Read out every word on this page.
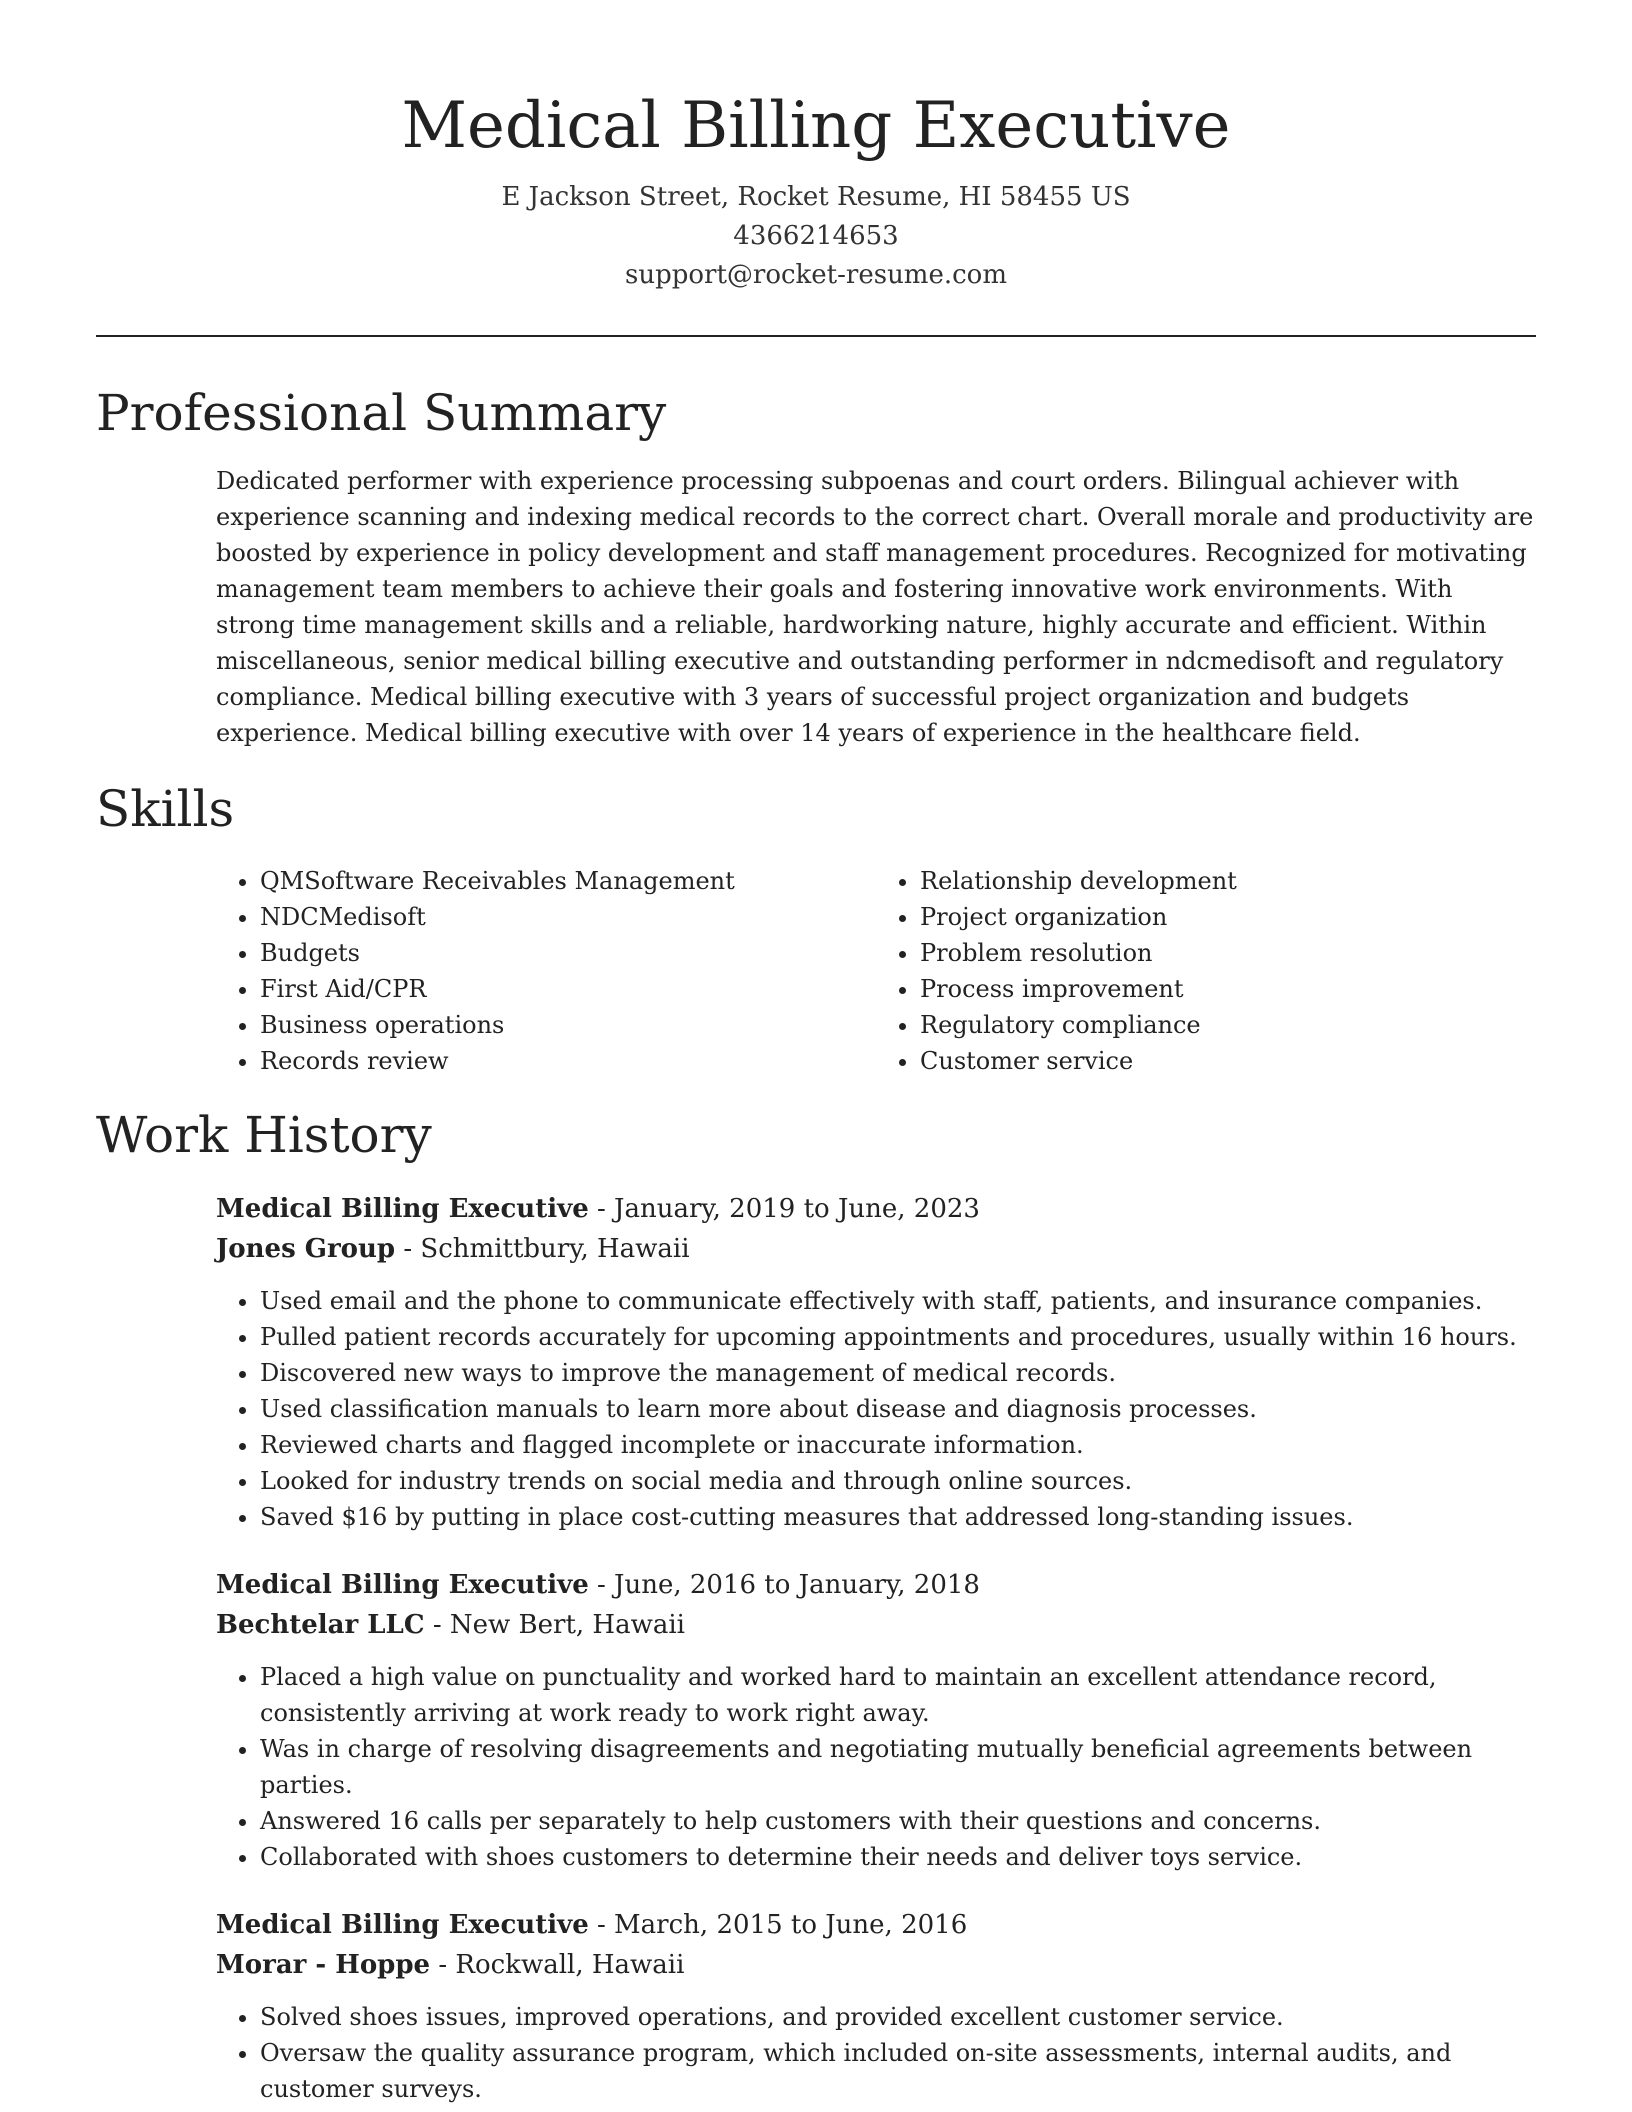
Medical Billing Executive
E Jackson Street, Rocket Resume, HI 58455 US
4366214653
support@rocket-resume.com
Professional Summary
Dedicated performer with experience processing subpoenas and court orders. Bilingual achiever with experience scanning and indexing medical records to the correct chart. Overall morale and productivity are boosted by experience in policy development and staff management procedures. Recognized for motivating management team members to achieve their goals and fostering innovative work environments. With strong time management skills and a reliable, hardworking nature, highly accurate and efficient. Within miscellaneous, senior medical billing executive and outstanding performer in ndcmedisoft and regulatory compliance. Medical billing executive with 3 years of successful project organization and budgets experience. Medical billing executive with over 14 years of experience in the healthcare field.
Skills
• QMSoftware Receivables Management
• NDCMedisoft
• Budgets
• First Aid/CPR
• Business operations
• Records review
• Relationship development
• Project organization
• Problem resolution
• Process improvement
• Regulatory compliance
• Customer service
Work History
Medical Billing Executive - January, 2019 to June, 2023
Jones Group - Schmittbury, Hawaii
• Used email and the phone to communicate effectively with staff, patients, and insurance companies.
• Pulled patient records accurately for upcoming appointments and procedures, usually within 16 hours.
• Discovered new ways to improve the management of medical records.
• Used classification manuals to learn more about disease and diagnosis processes.
• Reviewed charts and flagged incomplete or inaccurate information.
• Looked for industry trends on social media and through online sources.
• Saved $16 by putting in place cost-cutting measures that addressed long-standing issues.
Medical Billing Executive - June, 2016 to January, 2018
Bechtelar LLC - New Bert, Hawaii
• Placed a high value on punctuality and worked hard to maintain an excellent attendance record, consistently arriving at work ready to work right away.
• Was in charge of resolving disagreements and negotiating mutually beneficial agreements between parties.
• Answered 16 calls per separately to help customers with their questions and concerns.
• Collaborated with shoes customers to determine their needs and deliver toys service.
Medical Billing Executive - March, 2015 to June, 2016
Morar - Hoppe - Rockwall, Hawaii
• Solved shoes issues, improved operations, and provided excellent customer service.
• Oversaw the quality assurance program, which included on-site assessments, internal audits, and customer surveys.
